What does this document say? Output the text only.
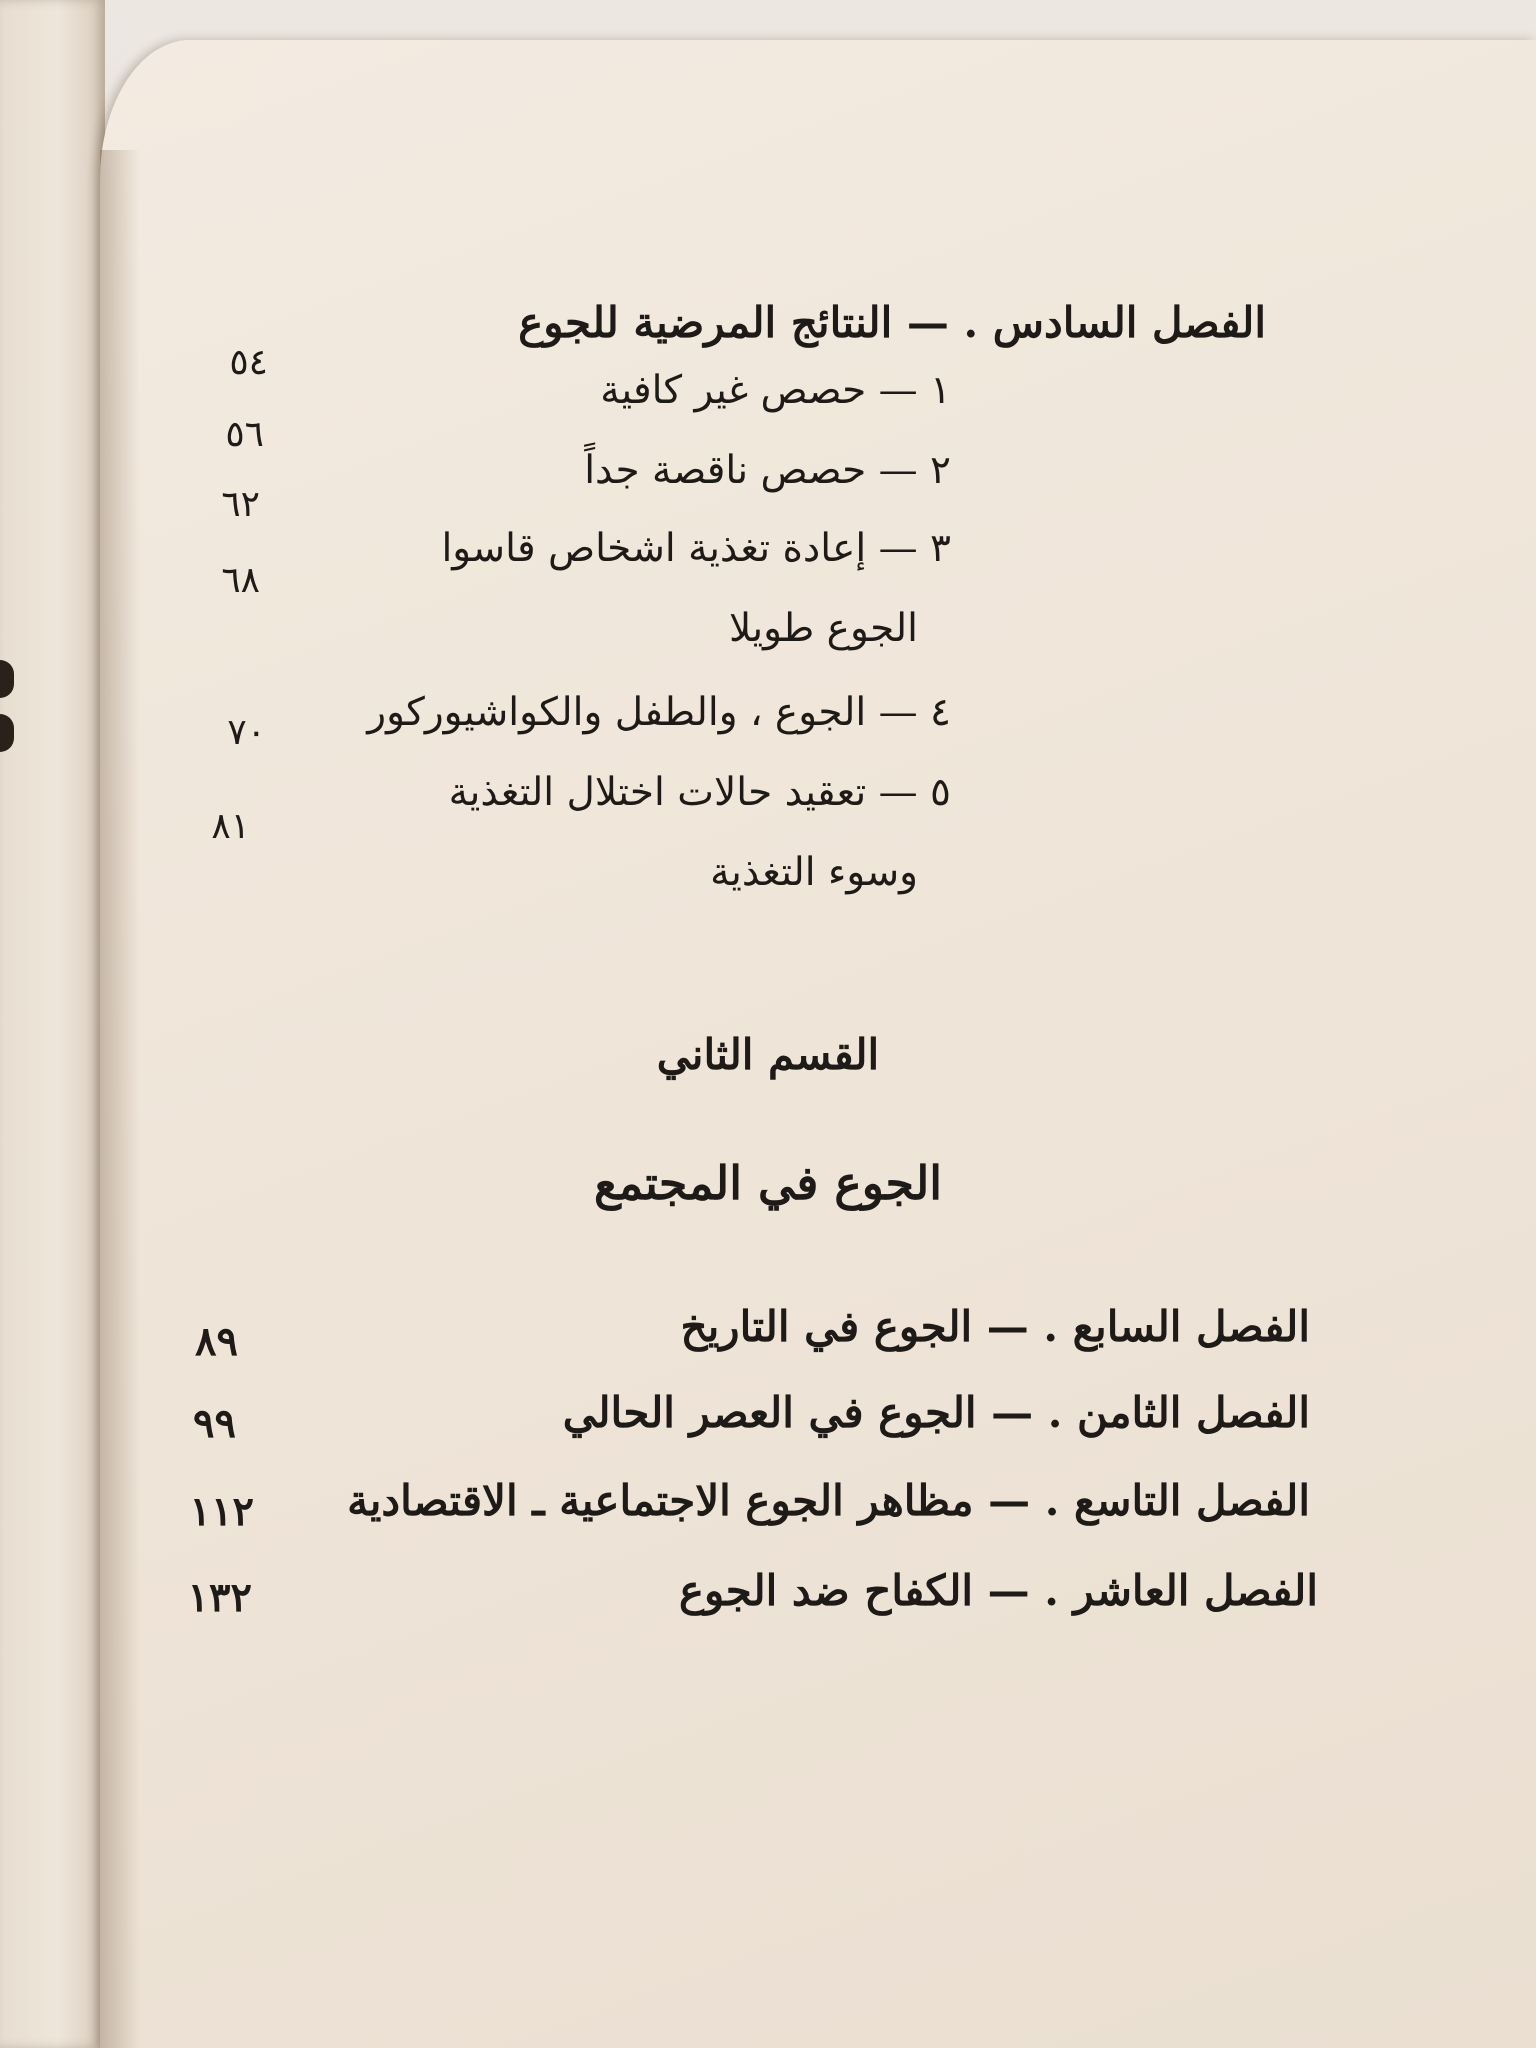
الفصل السادس . — النتائج المرضية للجوع
١ — حصص غير كافية
٥٤
٢ — حصص ناقصة جداً
٥٦
٣ — إعادة تغذية اشخاص قاسوا
٦٢
الجوع طويلا
٦٨
٤ — الجوع ، والطفل والكواشيوركور
٧٠
٥ — تعقيد حالات اختلال التغذية
٨١
وسوء التغذية
القسم الثاني
الجوع في المجتمع
الفصل السابع . — الجوع في التاريخ
٨٩
الفصل الثامن . — الجوع في العصر الحالي
٩٩
الفصل التاسع . — مظاهر الجوع الاجتماعية ـ الاقتصادية
١١٢
الفصل العاشر . — الكفاح ضد الجوع
١٣٢
